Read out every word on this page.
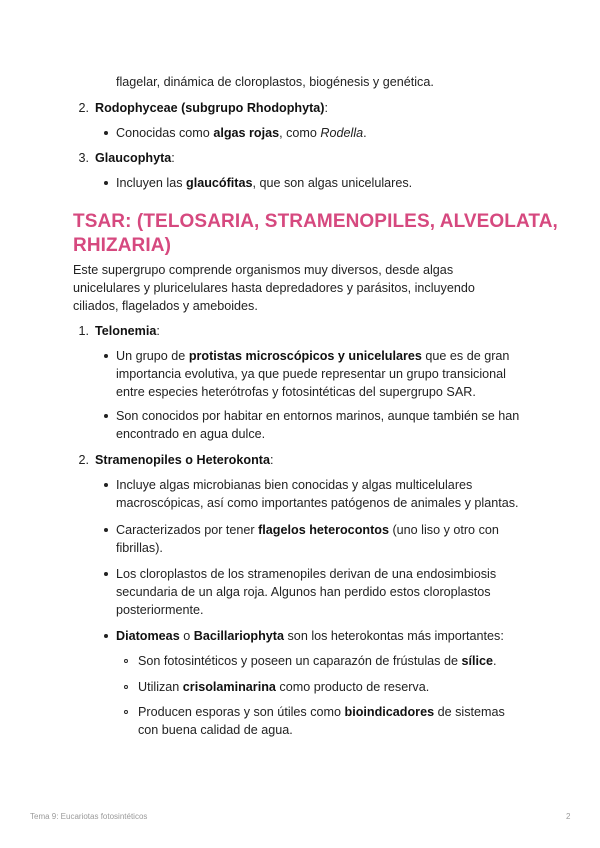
flagelar, dinámica de cloroplastos, biogénesis y genética.
2. Rodophyceae (subgrupo Rhodophyta):
Conocidas como algas rojas, como Rodella.
3. Glaucophyta:
Incluyen las glaucófitas, que son algas unicelulares.
TSAR: (TELOSARIA, STRAMENOPILES, ALVEOLATA,
RHIZARIA)
Este supergrupo comprende organismos muy diversos, desde algas
unicelulares y pluricelulares hasta depredadores y parásitos, incluyendo
ciliados, flagelados y ameboides.
1. Telonemia:
Un grupo de protistas microscópicos y unicelulares que es de gran
importancia evolutiva, ya que puede representar un grupo transicional
entre especies heterótrofas y fotosintéticas del supergrupo SAR.
Son conocidos por habitar en entornos marinos, aunque también se han
encontrado en agua dulce.
2. Stramenopiles o Heterokonta:
Incluye algas microbianas bien conocidas y algas multicelulares
macroscópicas, así como importantes patógenos de animales y plantas.
Caracterizados por tener flagelos heterocontos (uno liso y otro con
fibrillas).
Los cloroplastos de los stramenopiles derivan de una endosimbiosis
secundaria de un alga roja. Algunos han perdido estos cloroplastos
posteriormente.
Diatomeas o Bacillariophyta son los heterokontas más importantes:
Son fotosintéticos y poseen un caparazón de frústulas de sílice.
Utilizan crisolaminarina como producto de reserva.
Producen esporas y son útiles como bioindicadores de sistemas
con buena calidad de agua.
Tema 9: Eucariotas fotosintéticos	2
